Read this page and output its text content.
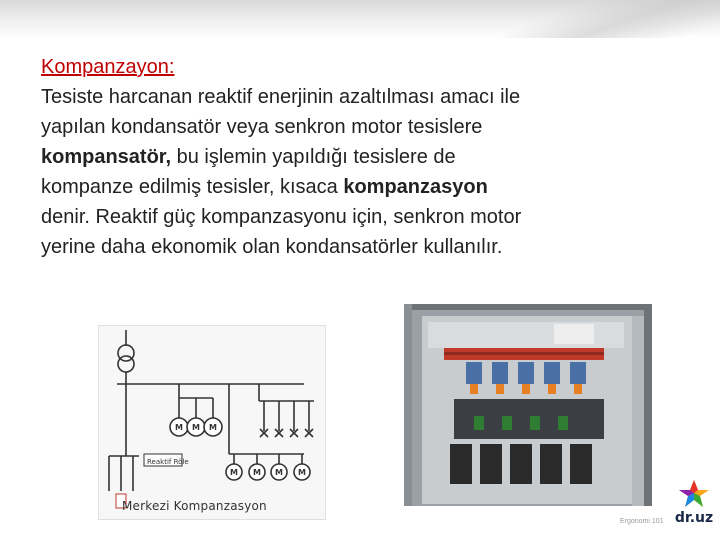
Kompanzayon:
Tesiste harcanan reaktif enerjinin azaltılması amacı ile
yapılan kondansatör veya senkron motor tesislere
kompansatör, bu işlemin yapıldığı tesislere de
kompanze edilmiş tesisler, kısaca kompanzasyon
denir. Reaktif güç kompanzasyonu için, senkron motor
yerine daha ekonomik olan kondansatörler kullanılır.
M M M
M M M M
Reaktif Röle
Merkezi Kompanzasyon
Ergonomi 101 dr.uz
